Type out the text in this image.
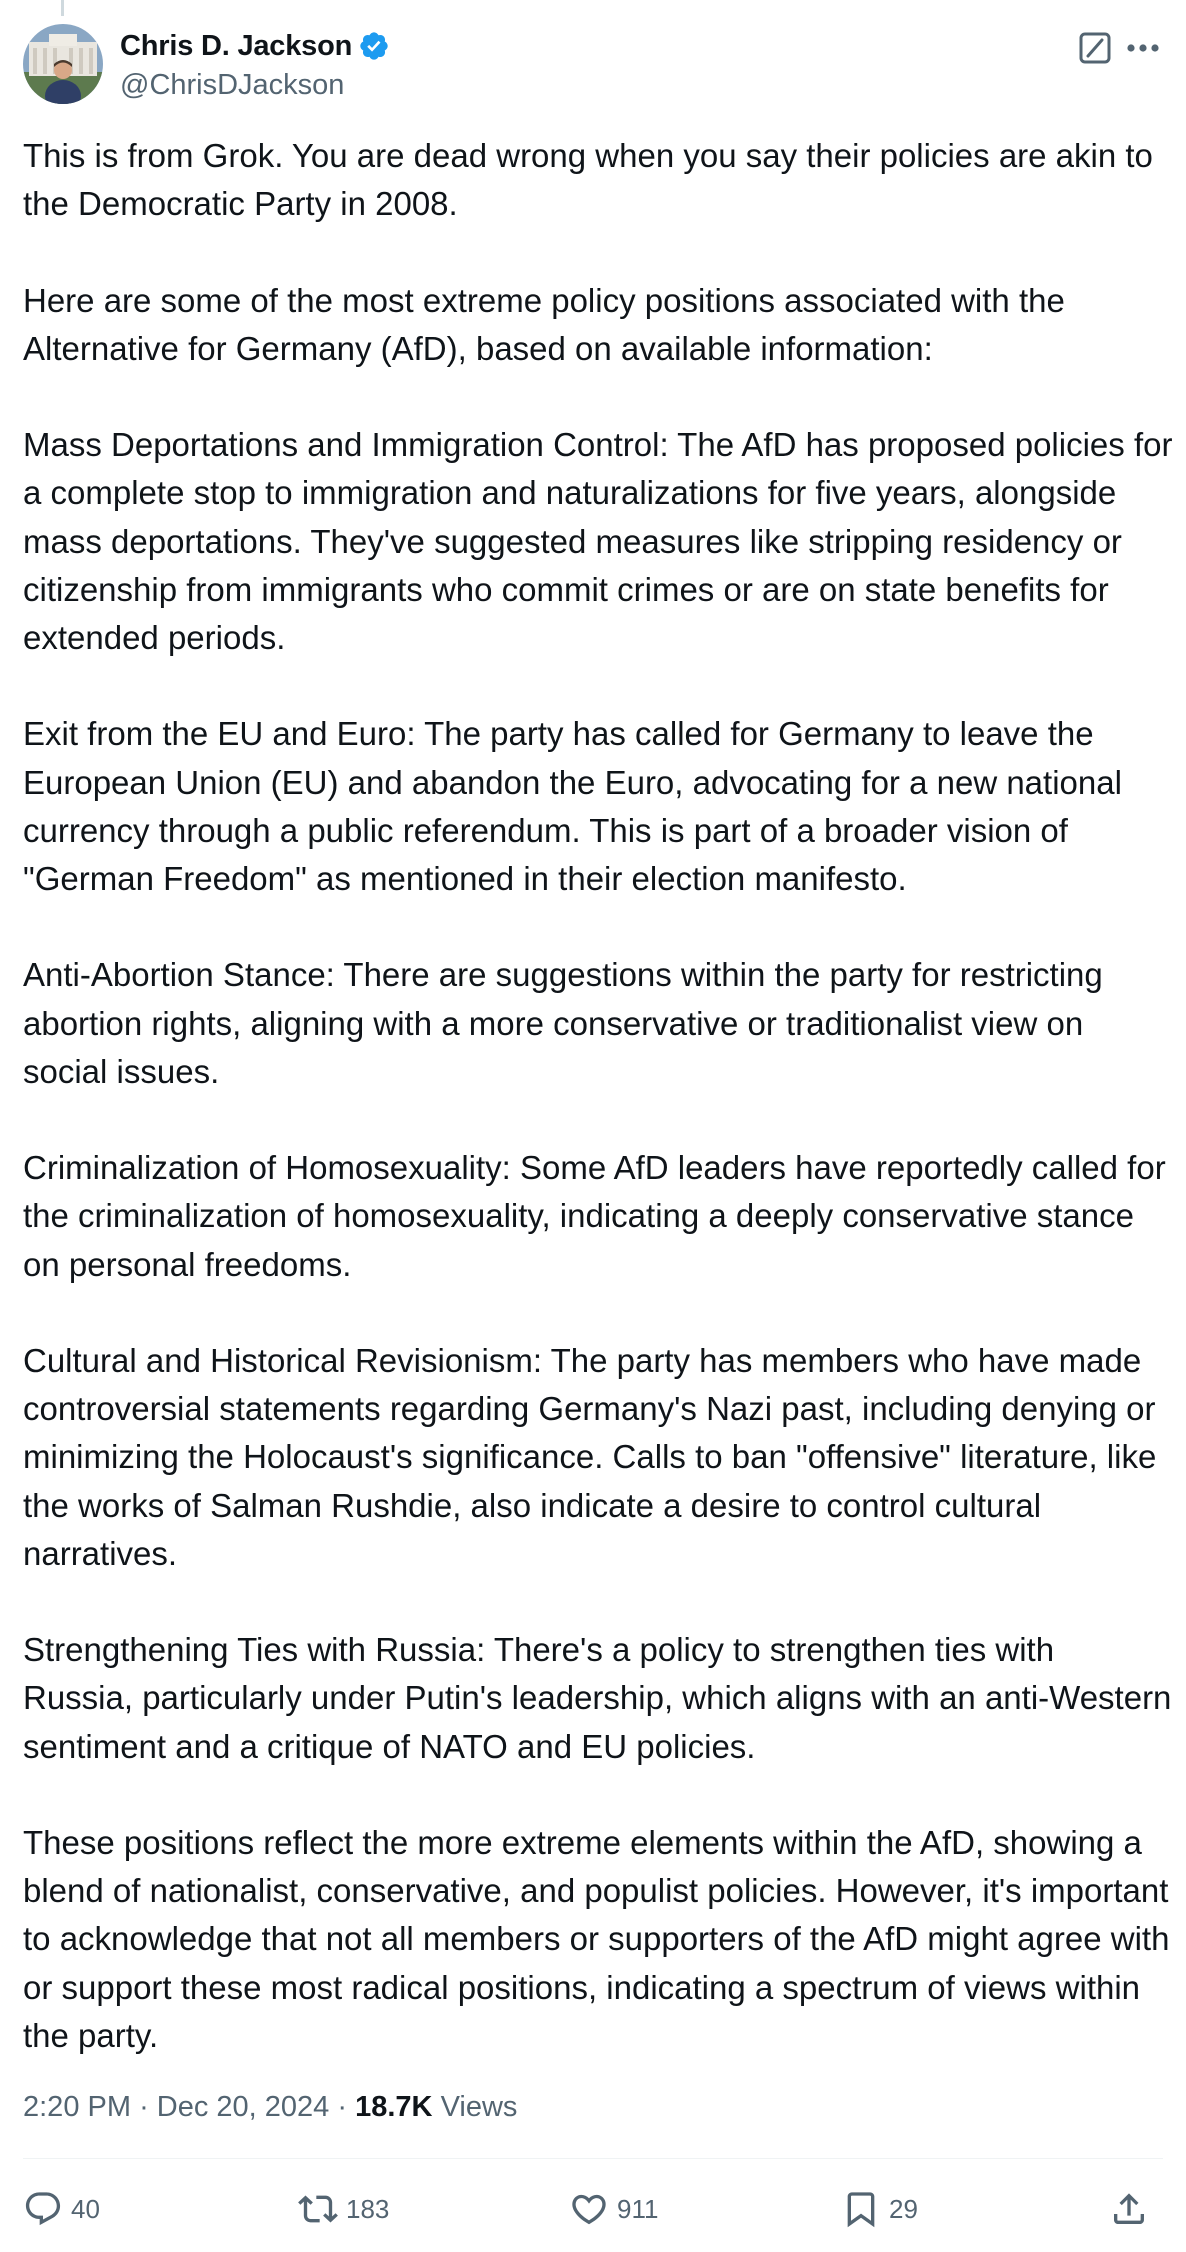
Chris D. Jackson
@ChrisDJackson

This is from Grok. You are dead wrong when you say their policies are akin to the Democratic Party in 2008.

Here are some of the most extreme policy positions associated with the Alternative for Germany (AfD), based on available information:

Mass Deportations and Immigration Control: The AfD has proposed policies for a complete stop to immigration and naturalizations for five years, alongside mass deportations. They've suggested measures like stripping residency or citizenship from immigrants who commit crimes or are on state benefits for extended periods.

Exit from the EU and Euro: The party has called for Germany to leave the European Union (EU) and abandon the Euro, advocating for a new national currency through a public referendum. This is part of a broader vision of "German Freedom" as mentioned in their election manifesto.

Anti-Abortion Stance: There are suggestions within the party for restricting abortion rights, aligning with a more conservative or traditionalist view on social issues.

Criminalization of Homosexuality: Some AfD leaders have reportedly called for the criminalization of homosexuality, indicating a deeply conservative stance on personal freedoms.

Cultural and Historical Revisionism: The party has members who have made controversial statements regarding Germany's Nazi past, including denying or minimizing the Holocaust's significance. Calls to ban "offensive" literature, like the works of Salman Rushdie, also indicate a desire to control cultural narratives.

Strengthening Ties with Russia: There's a policy to strengthen ties with Russia, particularly under Putin's leadership, which aligns with an anti-Western sentiment and a critique of NATO and EU policies.

These positions reflect the more extreme elements within the AfD, showing a blend of nationalist, conservative, and populist policies. However, it's important to acknowledge that not all members or supporters of the AfD might agree with or support these most radical positions, indicating a spectrum of views within the party.

2:20 PM · Dec 20, 2024 · 18.7K Views
40	183	911	29
